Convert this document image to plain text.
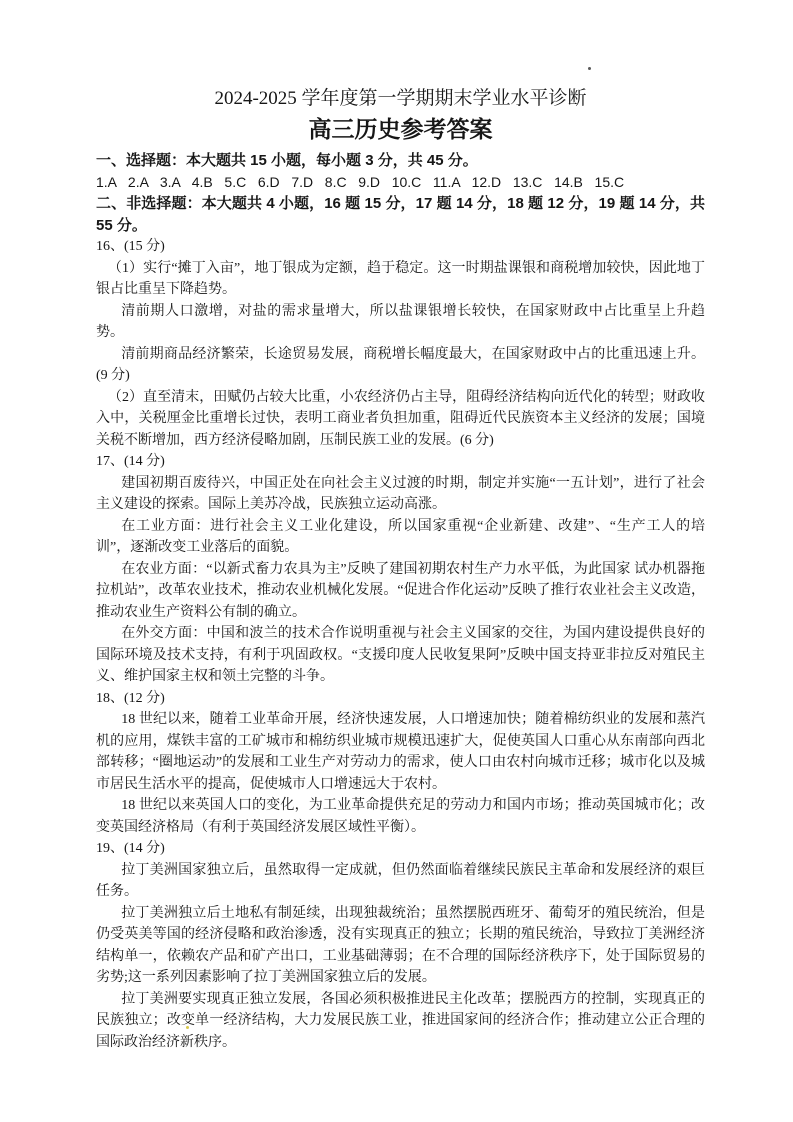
2024-2025 学年度第一学期期末学业水平诊断
高三历史参考答案

一、选择题：本大题共 15 小题，每小题 3 分，共 45 分。

1.A   2.A   3.A   4.B   5.C   6.D   7.D   8.C   9.D   10.C   11.A   12.D   13.C   14.B   15.C

二、非选择题：本大题共 4 小题，16 题 15 分，17 题 14 分，18 题 12 分，19 题 14 分，共 55 分。

16、(15 分)

（1）实行“摊丁入亩”，地丁银成为定额，趋于稳定。这一时期盐课银和商税增加较快，因此地丁银占比重呈下降趋势。

清前期人口激增，对盐的需求量增大，所以盐课银增长较快，在国家财政中占比重呈上升趋势。

清前期商品经济繁荣，长途贸易发展，商税增长幅度最大，在国家财政中占的比重迅速上升。(9 分)

（2）直至清末，田赋仍占较大比重，小农经济仍占主导，阻碍经济结构向近代化的转型；财政收入中，关税厘金比重增长过快，表明工商业者负担加重，阻碍近代民族资本主义经济的发展；国境关税不断增加，西方经济侵略加剧，压制民族工业的发展。(6 分)

17、(14 分)

建国初期百废待兴，中国正处在向社会主义过渡的时期，制定并实施“一五计划”，进行了社会主义建设的探索。国际上美苏冷战，民族独立运动高涨。

在工业方面：进行社会主义工业化建设，所以国家重视“企业新建、改建”、“生产工人的培训”，逐渐改变工业落后的面貌。

在农业方面：“以新式畜力农具为主”反映了建国初期农村生产力水平低，为此国家 试办机器拖拉机站”，改革农业技术，推动农业机械化发展。“促进合作化运动”反映了推行农业社会主义改造，推动农业生产资料公有制的确立。

在外交方面：中国和波兰的技术合作说明重视与社会主义国家的交往，为国内建设提供良好的国际环境及技术支持，有利于巩固政权。“支援印度人民收复果阿”反映中国支持亚非拉反对殖民主义、维护国家主权和领土完整的斗争。

18、(12 分)

18 世纪以来，随着工业革命开展，经济快速发展，人口增速加快；随着棉纺织业的发展和蒸汽机的应用，煤铁丰富的工矿城市和棉纺织业城市规模迅速扩大，促使英国人口重心从东南部向西北部转移；“圈地运动”的发展和工业生产对劳动力的需求，使人口由农村向城市迁移；城市化以及城市居民生活水平的提高，促使城市人口增速远大于农村。

18 世纪以来英国人口的变化，为工业革命提供充足的劳动力和国内市场；推动英国城市化；改变英国经济格局（有利于英国经济发展区域性平衡）。

19、(14 分)

拉丁美洲国家独立后，虽然取得一定成就，但仍然面临着继续民族民主革命和发展经济的艰巨任务。

拉丁美洲独立后土地私有制延续，出现独裁统治；虽然摆脱西班牙、葡萄牙的殖民统治，但是仍受英美等国的经济侵略和政治渗透，没有实现真正的独立；长期的殖民统治，导致拉丁美洲经济结构单一，依赖农产品和矿产出口，工业基础薄弱；在不合理的国际经济秩序下，处于国际贸易的劣势;这一系列因素影响了拉丁美洲国家独立后的发展。

拉丁美洲要实现真正独立发展，各国必须积极推进民主化改革；摆脱西方的控制，实现真正的民族独立；改变单一经济结构，大力发展民族工业，推进国家间的经济合作；推动建立公正合理的国际政治经济新秩序。
